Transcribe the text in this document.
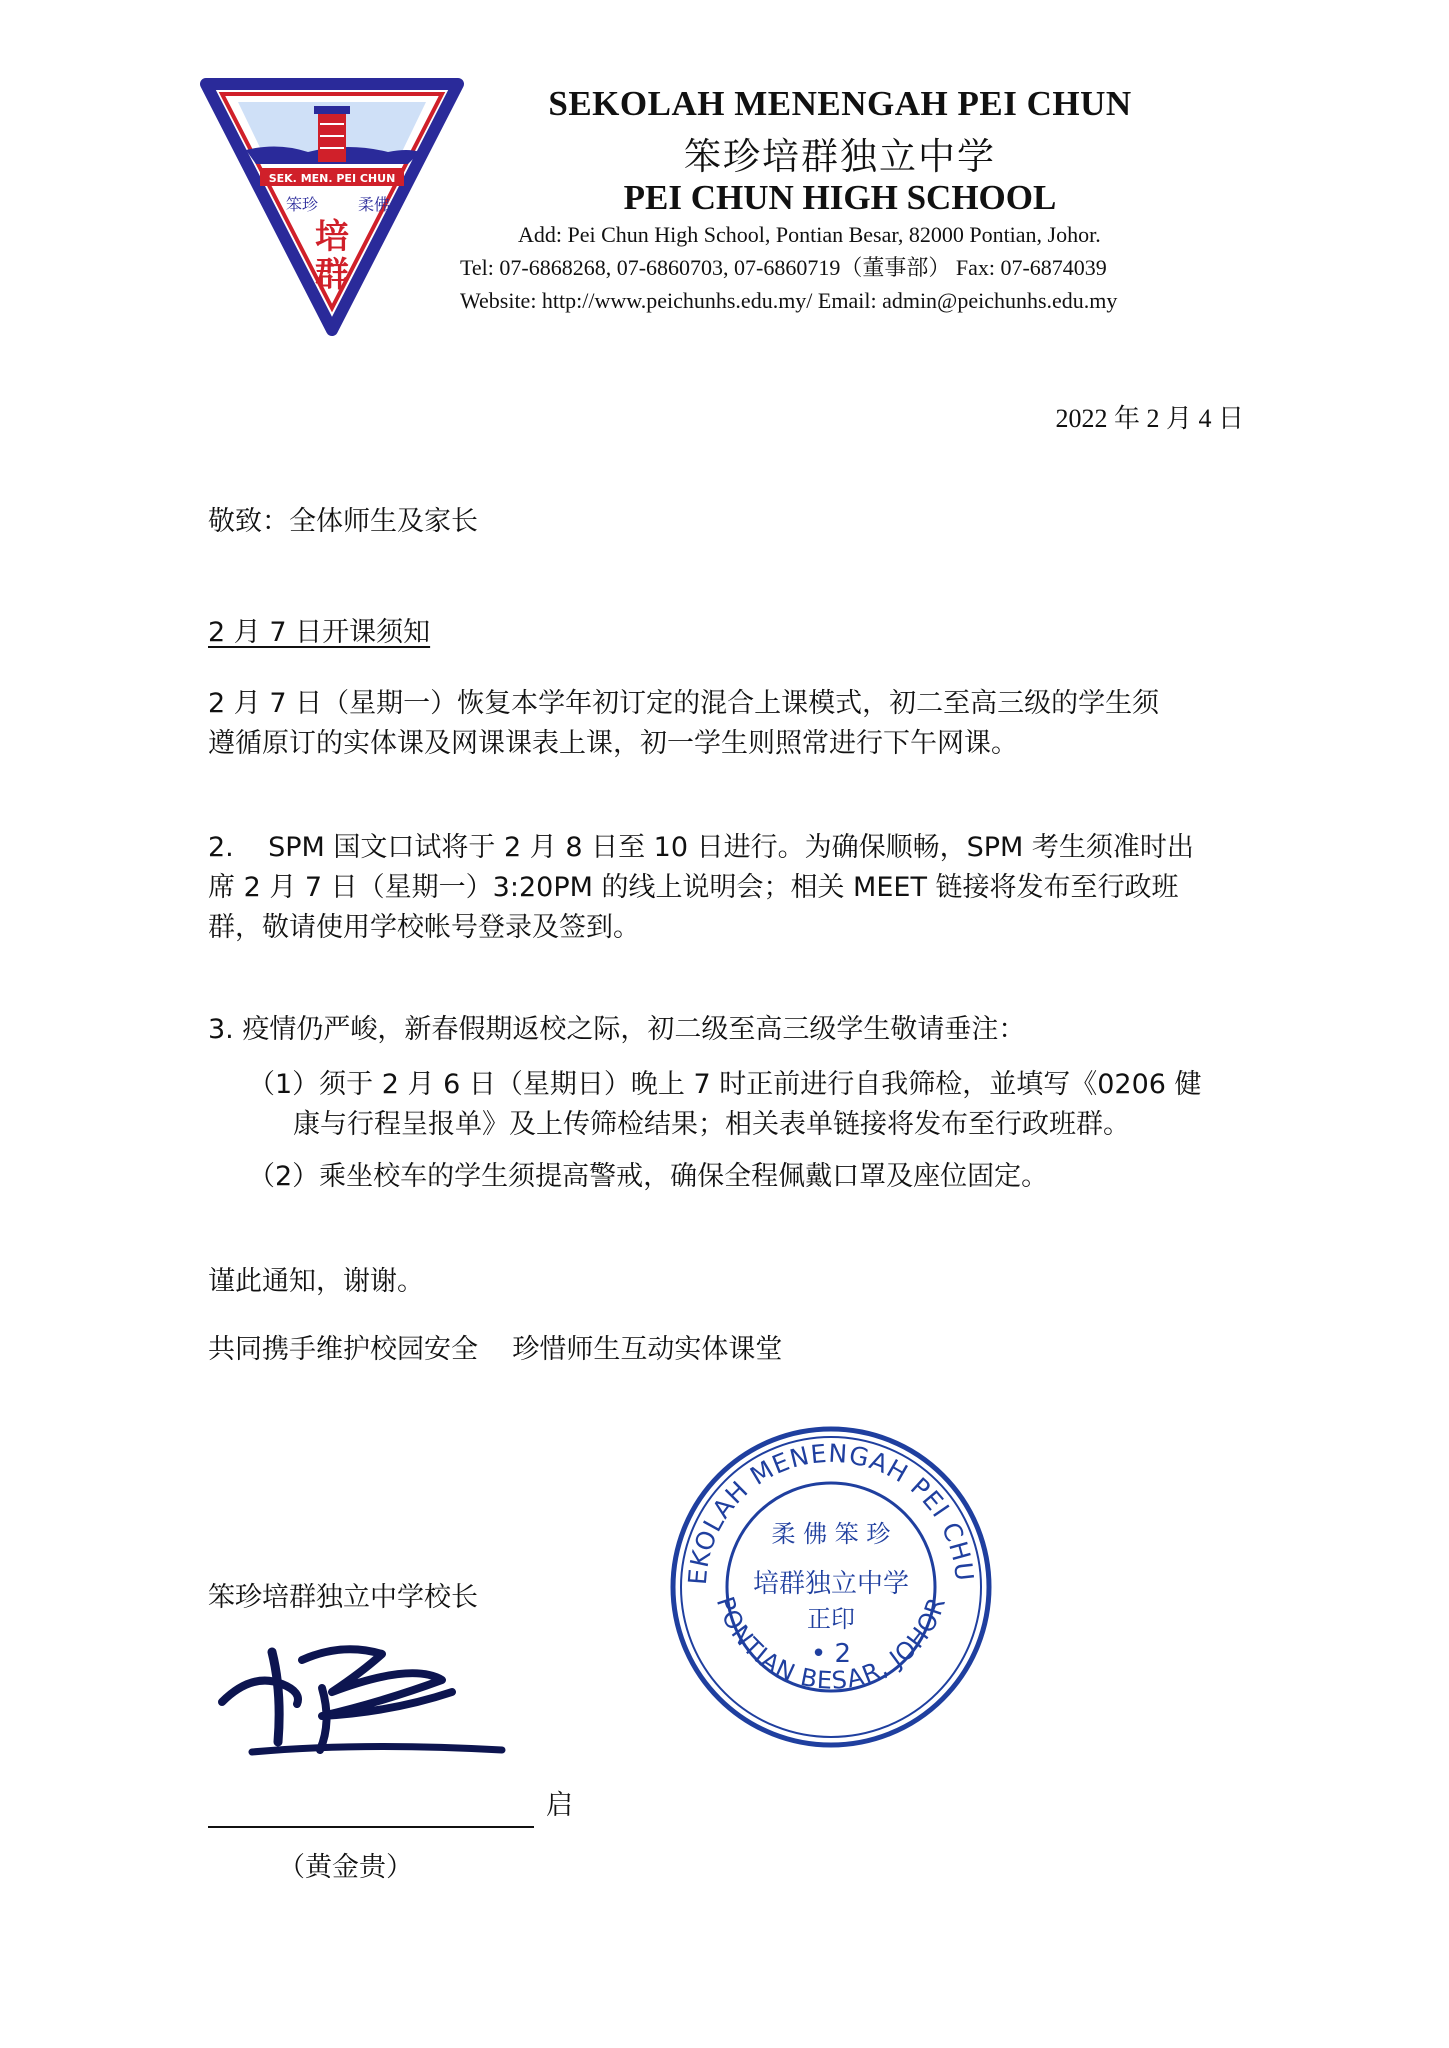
SEK. MEN. PEI CHUN
笨珍 柔佛
培
群
SEKOLAH MENENGAH PEI CHUN
笨珍培群独立中学
PEI CHUN HIGH SCHOOL
Add: Pei Chun High School, Pontian Besar, 82000 Pontian, Johor.
Tel: 07-6868268, 07-6860703, 07-6860719（董事部） Fax: 07-6874039
Website: http://www.peichunhs.edu.my/ Email: admin@peichunhs.edu.my
2022 年 2 月 4 日
敬致：全体师生及家长
2 月 7 日开课须知
2 月 7 日（星期一）恢复本学年初订定的混合上课模式，初二至高三级的学生须
遵循原订的实体课及网课课表上课，初一学生则照常进行下午网课。
2.    SPM 国文口试将于 2 月 8 日至 10 日进行。为确保顺畅，SPM 考生须准时出
席 2 月 7 日（星期一）3:20PM 的线上说明会；相关 MEET 链接将发布至行政班
群，敬请使用学校帐号登录及签到。
3. 疫情仍严峻，新春假期返校之际，初二级至高三级学生敬请垂注：
（1）须于 2 月 6 日（星期日）晚上 7 时正前进行自我筛检，並填写《0206 健
康与行程呈报单》及上传筛检结果；相关表单链接将发布至行政班群。
（2）乘坐校车的学生须提高警戒，确保全程佩戴口罩及座位固定。
谨此通知，谢谢。
共同携手维护校园安全    珍惜师生互动实体课堂
EKOLAH MENENGAH PEI CHU
PONTIAN BESAR, JOHOR
柔 佛 笨 珍
培群独立中学
正印
• 2
笨珍培群独立中学校长
启
（黄金贵）
